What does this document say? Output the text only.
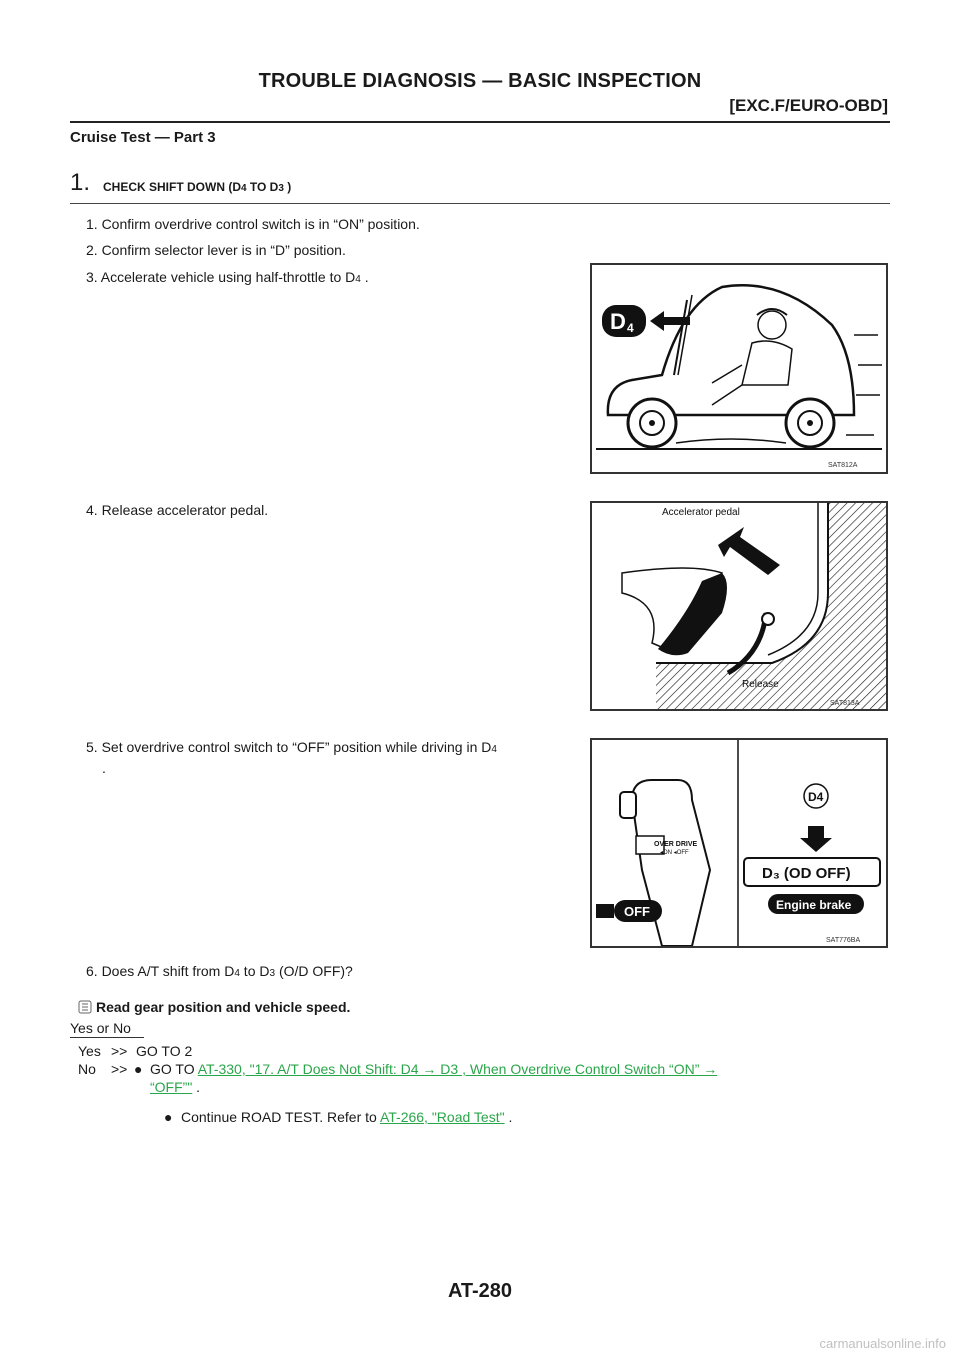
TROUBLE DIAGNOSIS — BASIC INSPECTION
[EXC.F/EURO-OBD]
Cruise Test — Part 3
1. CHECK SHIFT DOWN (D4 TO D3 )
1. Confirm overdrive control switch is in “ON” position.
2. Confirm selector lever is in “D” position.
3. Accelerate vehicle using half-throttle to D4 .
4. Release accelerator pedal.
5. Set overdrive control switch to “OFF” position while driving in D4
.
6. Does A/T shift from D4 to D3 (O/D OFF)?
D 4
SAT812A
Accelerator pedal
Release
SAT813A
OVER DRIVE
◂ON ◂OFF
OFF
D4
D₃ (OD OFF)
Engine brake
SAT776BA
Read gear position and vehicle speed.
Yes or No
Yes >> GO TO 2
No >> ● GO TO AT-330, "17. A/T Does Not Shift: D4 → D3 , When Overdrive Control Switch “ON” →
“OFF”" .
● Continue ROAD TEST. Refer to AT-266, "Road Test" .
AT-280
carmanualsonline.info
